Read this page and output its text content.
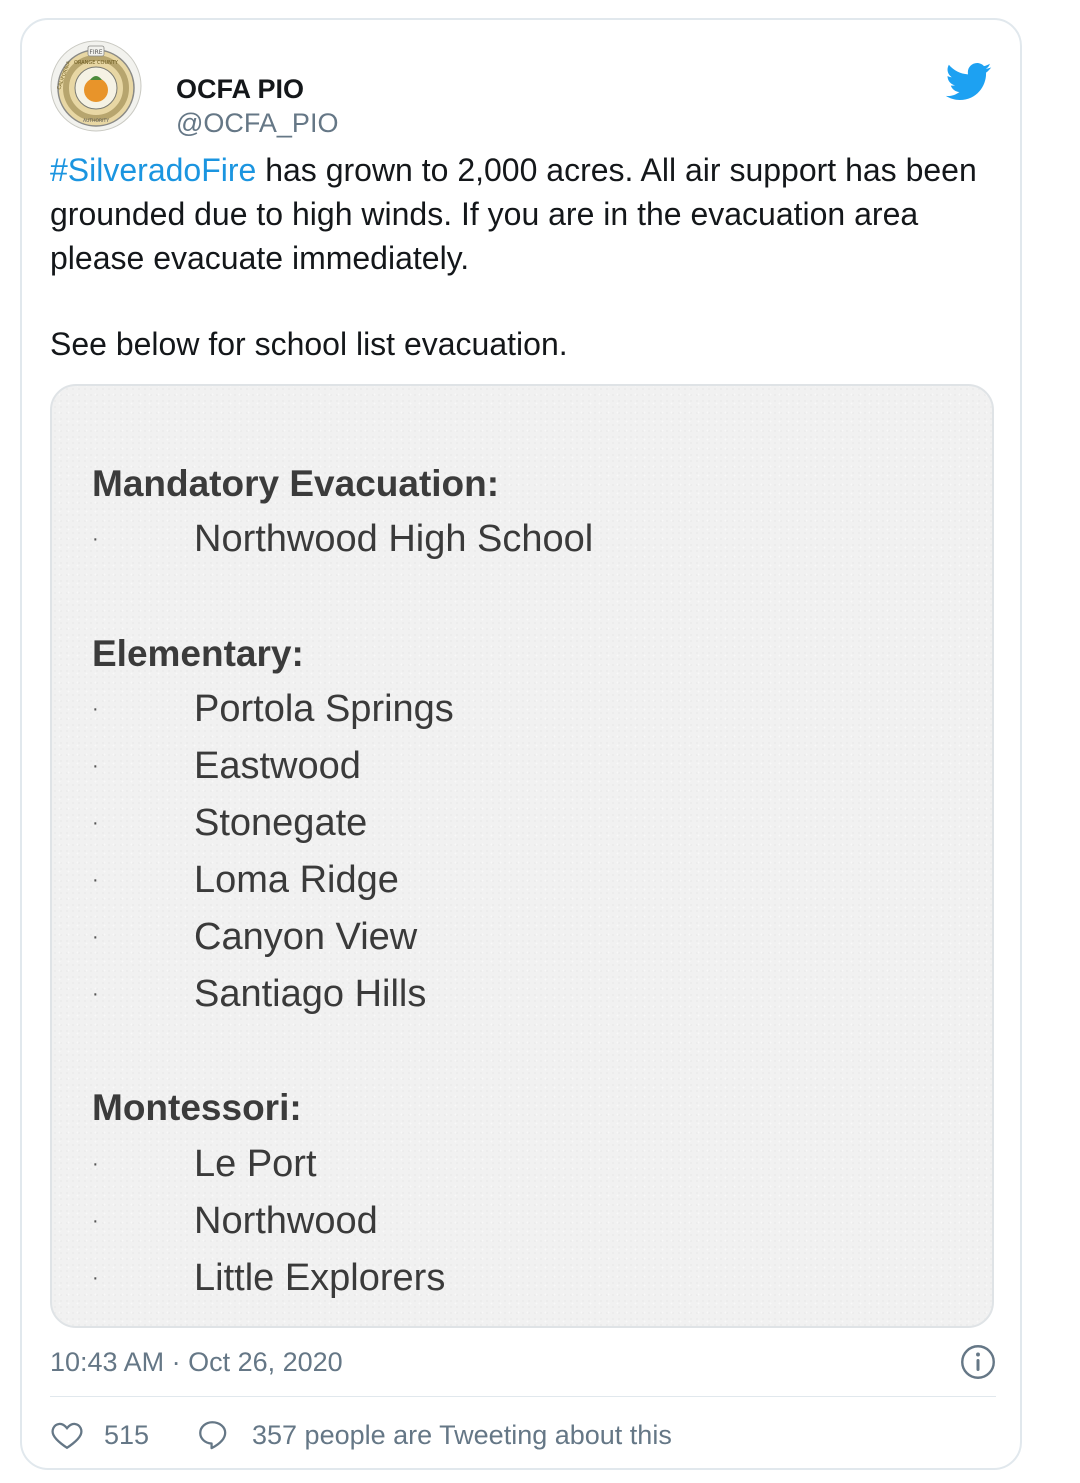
FIRE
ORANGE COUNTY
CALIFORNIA
AUTHORITY
OCFA PIO
@OCFA_PIO

#SilveradoFire has grown to 2,000 acres. All air support has been grounded due to high winds. If you are in the evacuation area please evacuate immediately.

See below for school list evacuation.

Mandatory Evacuation:
·	Northwood High School
Elementary:
·	Portola Springs
·	Eastwood
·	Stonegate
·	Loma Ridge
·	Canyon View
·	Santiago Hills
Montessori:
·	Le Port
·	Northwood
·	Little Explorers
10:43 AM · Oct 26, 2020
515	357 people are Tweeting about this
